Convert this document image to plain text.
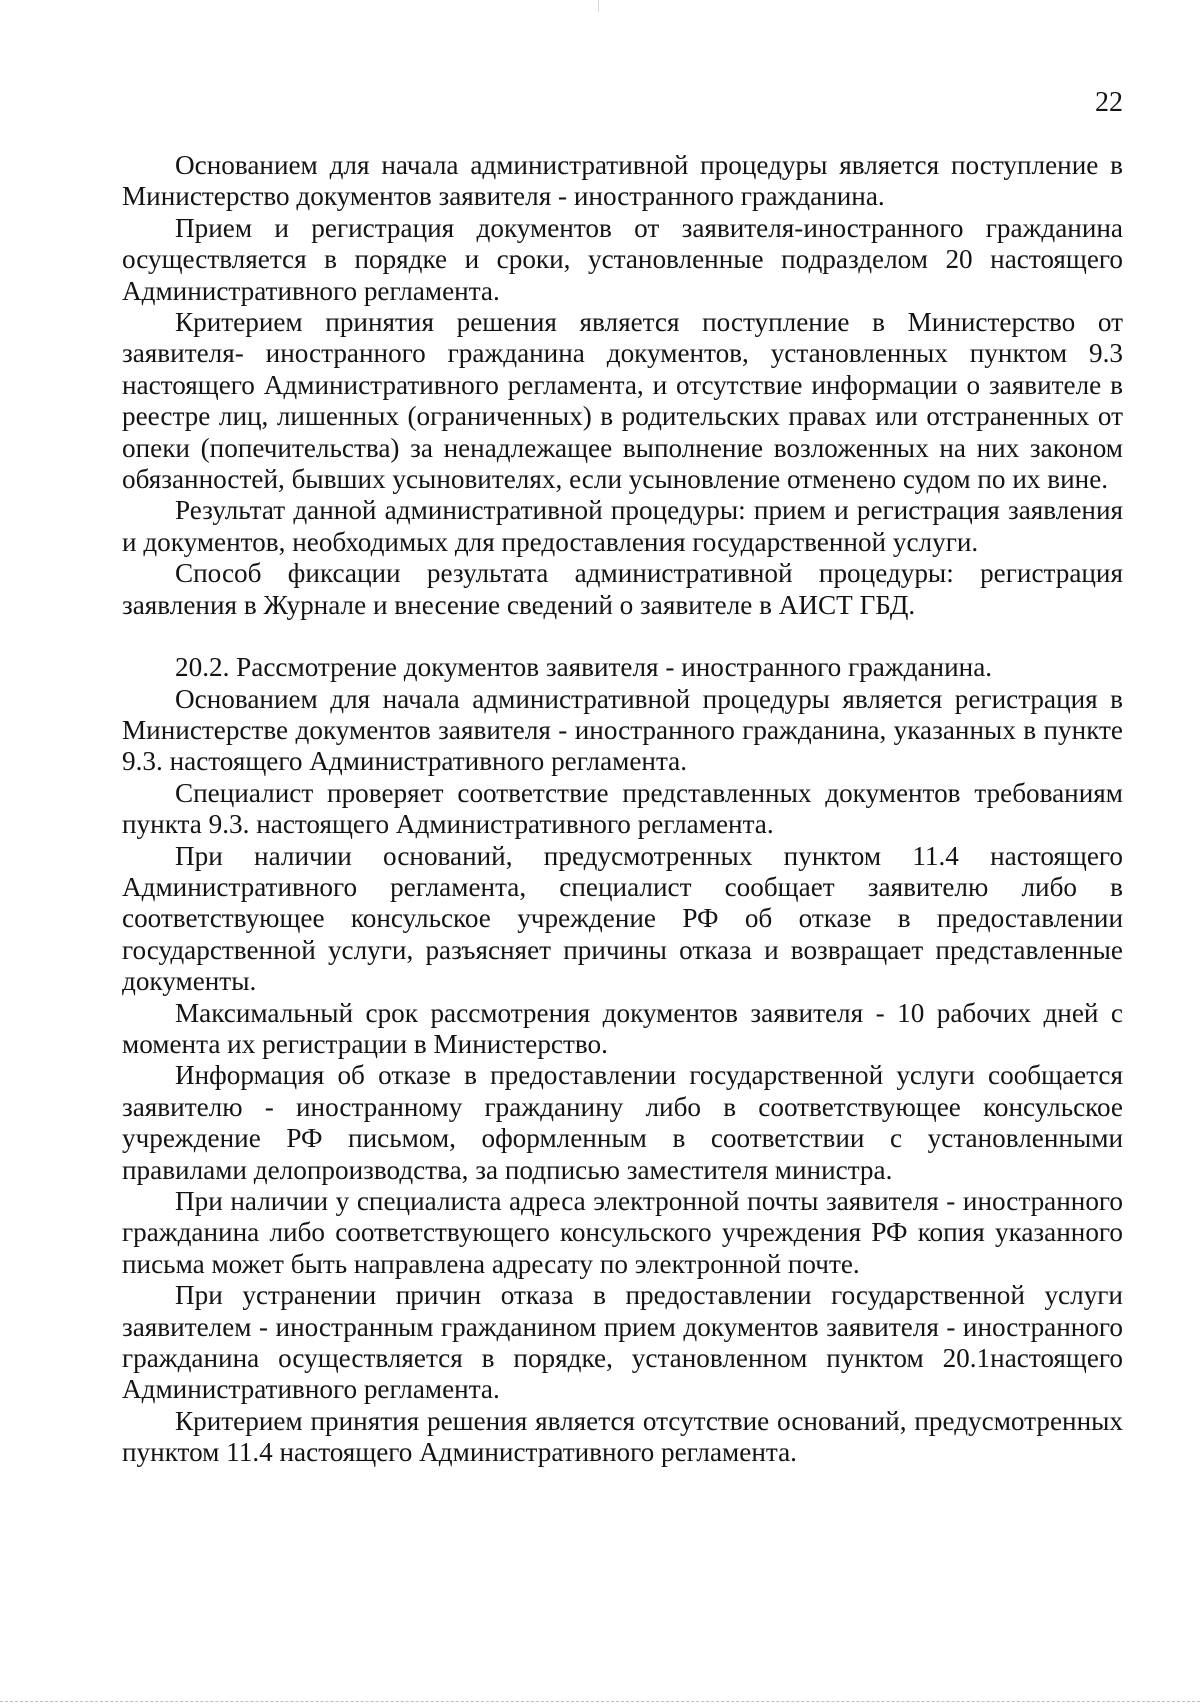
22

Основанием для начала административной процедуры является поступление в Министерство документов заявителя - иностранного гражданина.

Прием и регистрация документов от заявителя-иностранного гражданина осуществляется в порядке и сроки, установленные подразделом 20 настоящего Административного регламента.

Критерием принятия решения является поступление в Министерство от заявителя- иностранного гражданина документов, установленных пунктом 9.3 настоящего Административного регламента, и отсутствие информации о заявителе в реестре лиц, лишенных (ограниченных) в родительских правах или отстраненных от опеки (попечительства) за ненадлежащее выполнение возложенных на них законом обязанностей, бывших усыновителях, если усыновление отменено судом по их вине.

Результат данной административной процедуры: прием и регистрация заявления и документов, необходимых для предоставления государственной услуги.

Способ фиксации результата административной процедуры: регистрация заявления в Журнале и внесение сведений о заявителе в АИСТ ГБД.

20.2. Рассмотрение документов заявителя - иностранного гражданина.

Основанием для начала административной процедуры является регистрация в Министерстве документов заявителя - иностранного гражданина, указанных в пункте 9.3. настоящего Административного регламента.

Специалист проверяет соответствие представленных документов требованиям пункта 9.3. настоящего Административного регламента.

При наличии оснований, предусмотренных пунктом 11.4 настоящего Административного регламента, специалист сообщает заявителю либо в соответствующее консульское учреждение РФ об отказе в предоставлении государственной услуги, разъясняет причины отказа и возвращает представленные документы.

Максимальный срок рассмотрения документов заявителя - 10 рабочих дней с момента их регистрации в Министерство.

Информация об отказе в предоставлении государственной услуги сообщается заявителю - иностранному гражданину либо в соответствующее консульское учреждение РФ письмом, оформленным в соответствии с установленными правилами делопроизводства, за подписью заместителя министра.

При наличии у специалиста адреса электронной почты заявителя - иностранного гражданина либо соответствующего консульского учреждения РФ копия указанного письма может быть направлена адресату по электронной почте.

При устранении причин отказа в предоставлении государственной услуги заявителем - иностранным гражданином прием документов заявителя - иностранного гражданина осуществляется в порядке, установленном пунктом 20.1настоящего Административного регламента.

Критерием принятия решения является отсутствие оснований, предусмотренных пунктом 11.4 настоящего Административного регламента.
